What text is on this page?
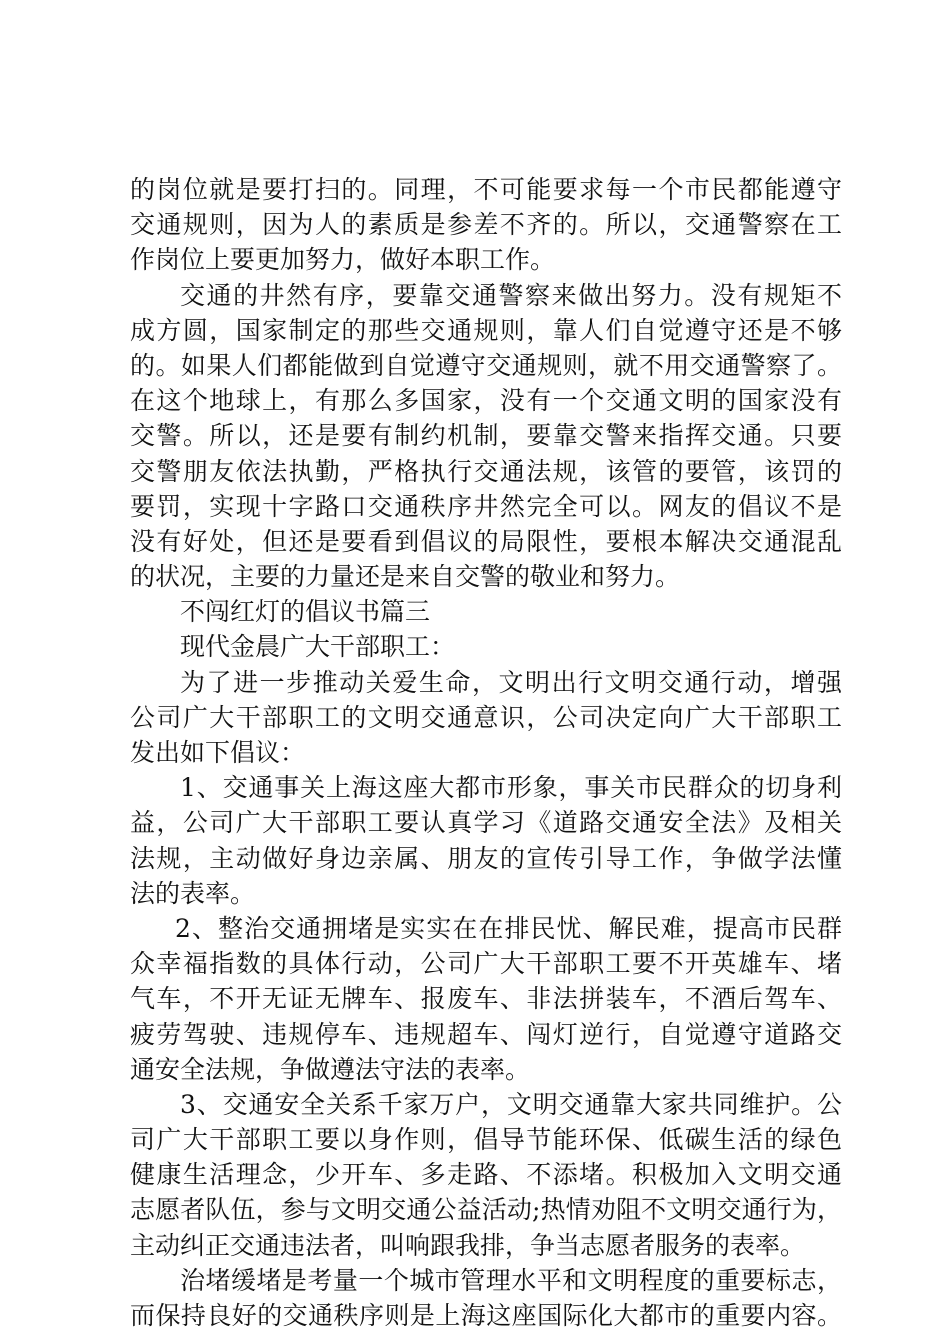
的岗位就是要打扫的。同理，不可能要求每一个市民都能遵守
交通规则，因为人的素质是参差不齐的。所以，交通警察在工
作岗位上要更加努力，做好本职工作。
交通的井然有序，要靠交通警察来做出努力。没有规矩不
成方圆，国家制定的那些交通规则，靠人们自觉遵守还是不够
的。如果人们都能做到自觉遵守交通规则，就不用交通警察了。
在这个地球上，有那么多国家，没有一个交通文明的国家没有
交警。所以，还是要有制约机制，要靠交警来指挥交通。只要
交警朋友依法执勤，严格执行交通法规，该管的要管，该罚的
要罚，实现十字路口交通秩序井然完全可以。网友的倡议不是
没有好处，但还是要看到倡议的局限性，要根本解决交通混乱
的状况，主要的力量还是来自交警的敬业和努力。
不闯红灯的倡议书篇三
现代金晨广大干部职工：
为了进一步推动关爱生命，文明出行文明交通行动，增强
公司广大干部职工的文明交通意识，公司决定向广大干部职工
发出如下倡议：
1、交通事关上海这座大都市形象，事关市民群众的切身利
益，公司广大干部职工要认真学习《道路交通安全法》及相关
法规，主动做好身边亲属、朋友的宣传引导工作，争做学法懂
法的表率。
2、整治交通拥堵是实实在在排民忧、解民难，提高市民群
众幸福指数的具体行动，公司广大干部职工要不开英雄车、堵
气车，不开无证无牌车、报废车、非法拼装车，不酒后驾车、
疲劳驾驶、违规停车、违规超车、闯灯逆行，自觉遵守道路交
通安全法规，争做遵法守法的表率。
3、交通安全关系千家万户，文明交通靠大家共同维护。公
司广大干部职工要以身作则，倡导节能环保、低碳生活的绿色
健康生活理念，少开车、多走路、不添堵。积极加入文明交通
志愿者队伍，参与文明交通公益活动;热情劝阻不文明交通行为，
主动纠正交通违法者，叫响跟我排，争当志愿者服务的表率。
治堵缓堵是考量一个城市管理水平和文明程度的重要标志，
而保持良好的交通秩序则是上海这座国际化大都市的重要内容。
